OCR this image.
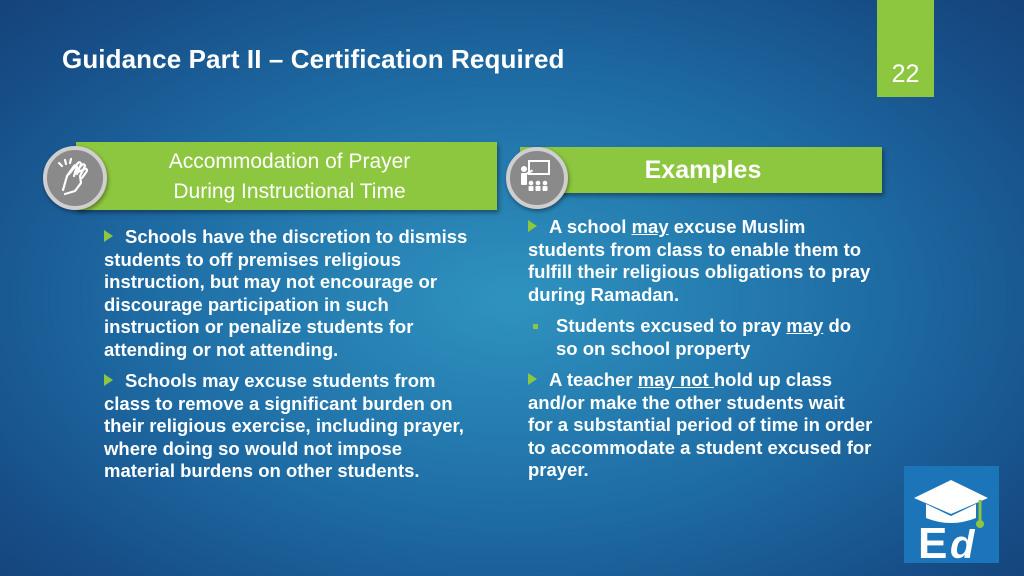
Guidance Part II – Certification Required	22
Accommodation of Prayer
During Instructional Time
Examples

Schools have the discretion to dismiss students to off premises religious instruction, but may not encourage or discourage participation in such instruction or penalize students for attending or not attending.

Schools may excuse students from class to remove a significant burden on their religious exercise, including prayer, where doing so would not impose material burdens on other students.

A school may excuse Muslim students from class to enable them to fulfill their religious obligations to pray during Ramadan.

Students excused to pray may do so on school property

A teacher may not hold up class and/or make the other students wait for a substantial period of time in order to accommodate a student excused for prayer.

E d
